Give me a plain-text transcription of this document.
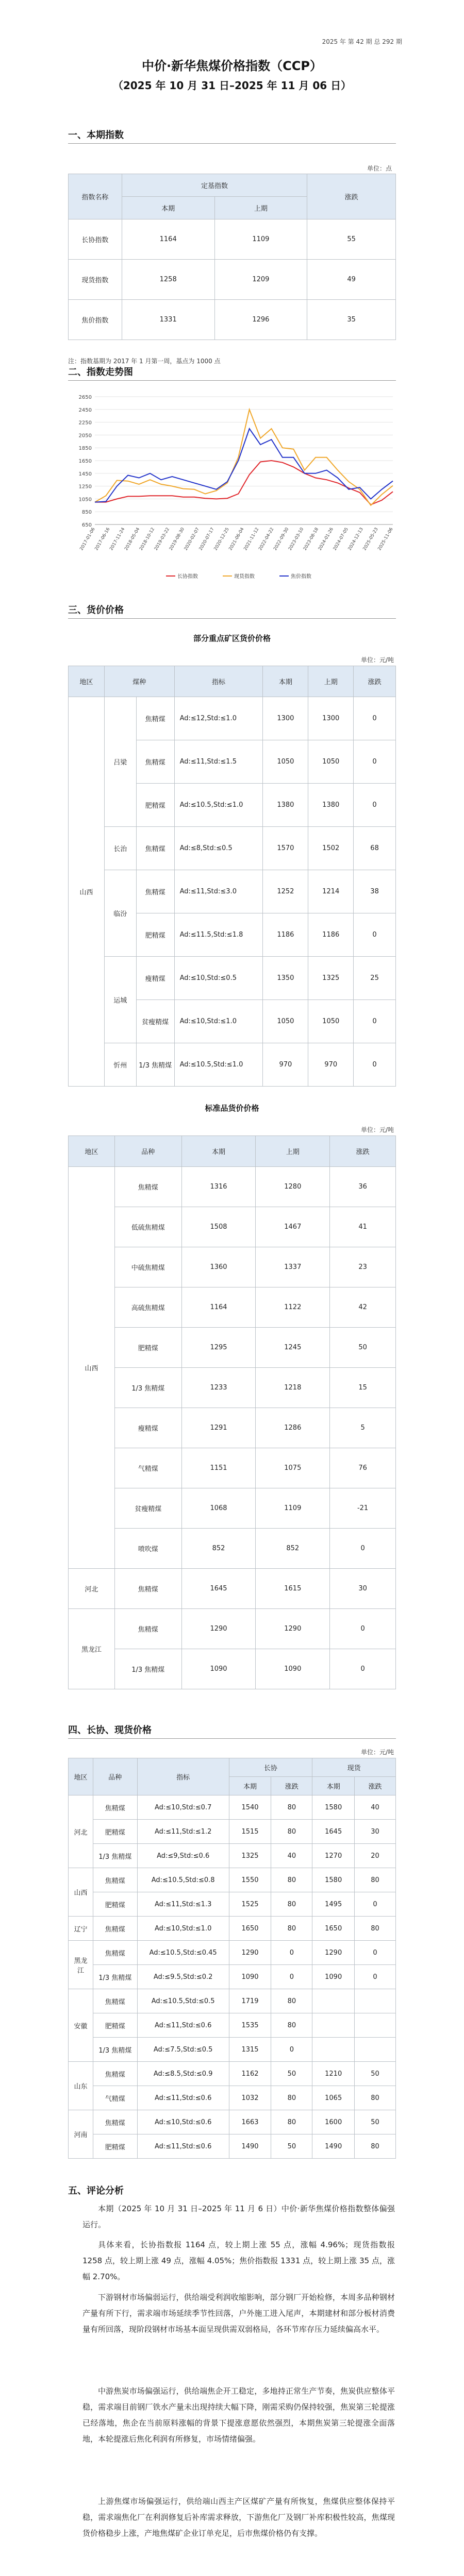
2025 年 第 42 期 总 292 期
中价·新华焦煤价格指数（CCP）
（2025 年 10 月 31 日–2025 年 11 月 06 日）
一、本期指数
单位：点
指数名称	定基指数		涨跌
	本期	上期	
长协指数	1164	1109	55
现货指数	1258	1209	49
焦价指数	1331	1296	35
注：指数基期为 2017 年 1 月第一周，基点为 1000 点
二、指数走势图
2650
2450
2250
2050
1850
1650
1450
1250
1050
850
650
2017-01-06
2017-06-16
2017-11-24
2018-05-04
2018-10-12
2019-03-22
2019-08-30
2020-02-07
2020-07-17
2020-12-25
2021-06-04
2021-11-12
2022-04-22
2022-09-30
2023-03-10
2023-08-18
2024-01-26
2024-07-05
2024-12-13
2025-05-23
2025-11-06
长协指数	现货指数	焦价指数
三、货价价格
部分重点矿区货价价格
单位：元/吨
地区	煤种		指标	本期	上期	涨跌
山西	吕梁	焦精煤	Ad:≤12,Std:≤1.0	1300	1300	0
		焦精煤	Ad:≤11,Std:≤1.5	1050	1050	0
		肥精煤	Ad:≤10.5,Std:≤1.0	1380	1380	0
	长治	焦精煤	Ad:≤8,Std:≤0.5	1570	1502	68
	临汾	焦精煤	Ad:≤11,Std:≤3.0	1252	1214	38
		肥精煤	Ad:≤11.5,Std:≤1.8	1186	1186	0
	运城	瘦精煤	Ad:≤10,Std:≤0.5	1350	1325	25
		贫瘦精煤	Ad:≤10,Std:≤1.0	1050	1050	0
	忻州	1/3 焦精煤	Ad:≤10.5,Std:≤1.0	970	970	0
标准品货价价格
单位：元/吨
地区	品种	本期	上期	涨跌
山西	焦精煤	1316	1280	36
	低硫焦精煤	1508	1467	41
	中硫焦精煤	1360	1337	23
	高硫焦精煤	1164	1122	42
	肥精煤	1295	1245	50
	1/3 焦精煤	1233	1218	15
	瘦精煤	1291	1286	5
	气精煤	1151	1075	76
	贫瘦精煤	1068	1109	-21
	喷吹煤	852	852	0
河北	焦精煤	1645	1615	30
黑龙江	焦精煤	1290	1290	0
	1/3 焦精煤	1090	1090	0
四、长协、现货价格
单位：元/吨
地区	品种	指标	长协		现货	
			本期	涨跌	本期	涨跌
河北	焦精煤	Ad:≤10,Std:≤0.7	1540	80	1580	40
	肥精煤	Ad:≤11,Std:≤1.2	1515	80	1645	30
	1/3 焦精煤	Ad:≤9,Std:≤0.6	1325	40	1270	20
山西	焦精煤	Ad:≤10.5,Std:≤0.8	1550	80	1580	80
	肥精煤	Ad:≤11,Std:≤1.3	1525	80	1495	0
辽宁	焦精煤	Ad:≤10,Std:≤1.0	1650	80	1650	80
黑龙江	焦精煤	Ad:≤10.5,Std:≤0.45	1290	0	1290	0
	1/3 焦精煤	Ad:≤9.5,Std:≤0.2	1090	0	1090	0
安徽	焦精煤	Ad:≤10.5,Std:≤0.5	1719	80		
	肥精煤	Ad:≤11,Std:≤0.6	1535	80		
	1/3 焦精煤	Ad:≤7.5,Std:≤0.5	1315	0		
山东	焦精煤	Ad:≤8.5,Std:≤0.9	1162	50	1210	50
	气精煤	Ad:≤11,Std:≤0.6	1032	80	1065	80
河南	焦精煤	Ad:≤10,Std:≤0.6	1663	80	1600	50
	肥精煤	Ad:≤11,Std:≤0.6	1490	50	1490	80
五、评论分析
本期（2025 年 10 月 31 日–2025 年 11 月 6 日）中价·新华焦煤价格指数整体偏强运行。
具体来看，长协指数报 1164 点，较上期上涨 55 点，涨幅 4.96%；现货指数报 1258 点，较上期上涨 49 点，涨幅 4.05%；焦价指数报 1331 点，较上期上涨 35 点，涨幅 2.70%。
下游钢材市场偏弱运行，供给端受利润收缩影响，部分钢厂开始检修，本周多品种钢材产量有所下行，需求端市场延续季节性回落，户外施工进入尾声，本期建材和部分板材消费量有所回落，现阶段钢材市场基本面呈现供需双弱格局，各环节库存压力延续偏高水平。
中游焦炭市场偏强运行，供给端焦企开工稳定，多地持正常生产节奏，焦炭供应整体平稳，需求端目前钢厂铁水产量未出现持续大幅下降，刚需采购仍保持较强，焦炭第三轮提涨已经落地，焦企在当前原料涨幅的背景下提涨意愿依然强烈，本期焦炭第三轮提涨全面落地，本轮提涨后焦化利润有所修复，市场情绪偏强。
上游焦煤市场偏强运行，供给端山西主产区煤矿产量有所恢复，焦煤供应整体保持平稳，需求端焦化厂在利润修复后补库需求释放，下游焦化厂及钢厂补库积极性较高，焦煤现货价格稳步上涨，产地焦煤矿企业订单充足，后市焦煤价格仍有支撑。
